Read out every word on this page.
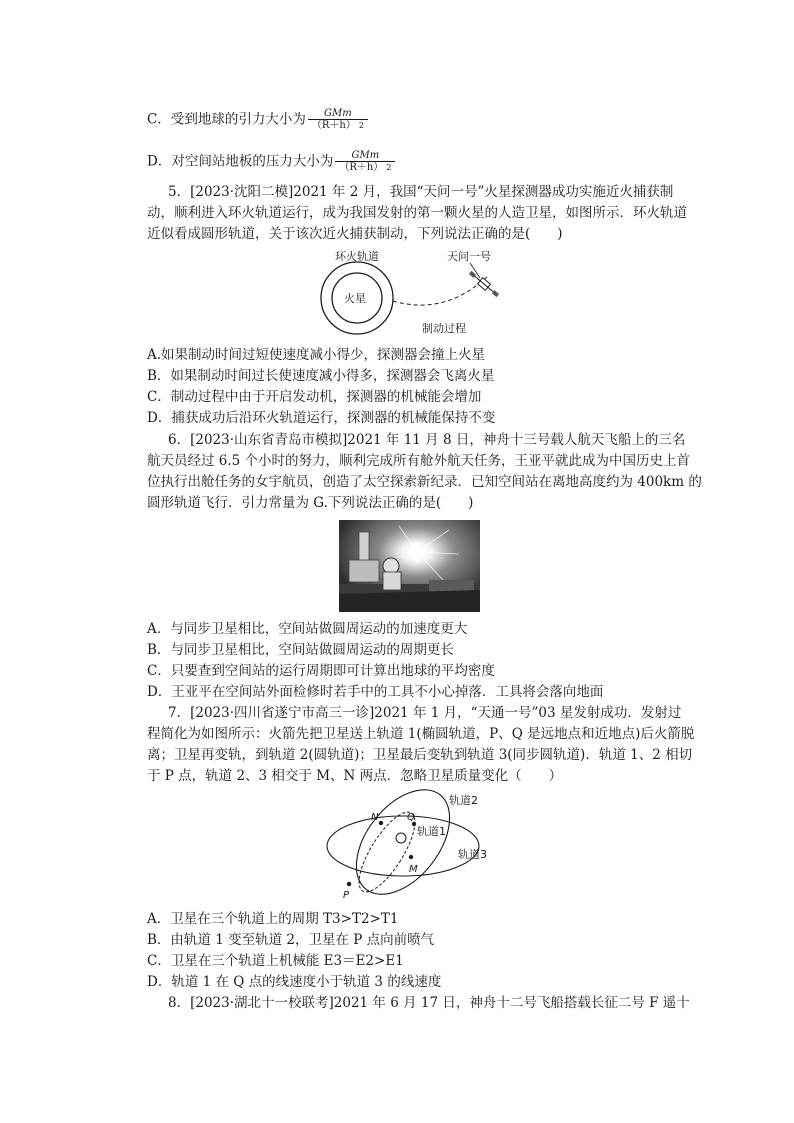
C．受到地球的引力大小为 $\frac{\text{GMm}}{(R+h) ^2}$
D．对空间站地板的压力大小为 $\frac{\text{GMm}}{(R+h) ^2}$
5．[2023·沈阳二模]2021 年 2 月，我国“天问一号”火星探测器成功实施近火捕获制
动，顺利进入环火轨道运行，成为我国发射的第一颗火星的人造卫星，如图所示．环火轨道
近似看成圆形轨道，关于该次近火捕获制动，下列说法正确的是(　　)
环火轨道
火星
天问一号
制动过程
A.如果制动时间过短使速度减小得少，探测器会撞上火星
B．如果制动时间过长使速度减小得多，探测器会飞离火星
C．制动过程中由于开启发动机，探测器的机械能会增加
D．捕获成功后沿环火轨道运行，探测器的机械能保持不变
6．[2023·山东省青岛市模拟]2021 年 11 月 8 日，神舟十三号载人航天飞船上的三名
航天员经过 6.5 个小时的努力，顺利完成所有舱外航天任务，王亚平就此成为中国历史上首
位执行出舱任务的女宇航员，创造了太空探索新纪录．已知空间站在离地高度约为 400km 的
圆形轨道飞行．引力常量为 G.下列说法正确的是(　　)
A．与同步卫星相比，空间站做圆周运动的加速度更大
B．与同步卫星相比，空间站做圆周运动的周期更长
C．只要查到空间站的运行周期即可计算出地球的平均密度
D．王亚平在空间站外面检修时若手中的工具不小心掉落．工具将会落向地面
7．[2023·四川省遂宁市高三一诊]2021 年 1 月，“天通一号”03 星发射成功．发射过
程简化为如图所示：火箭先把卫星送上轨道 1(椭圆轨道，P、Q 是远地点和近地点)后火箭脱
离；卫星再变轨，到轨道 2(圆轨道)；卫星最后变轨到轨道 3(同步圆轨道)．轨道 1、2 相切
于 P 点，轨道 2、3 相交于 M、N 两点．忽略卫星质量变化（　　）
N	Q
M
P
轨道2
轨道1
轨道3
A．卫星在三个轨道上的周期 T3>T2>T1
B．由轨道 1 变至轨道 2，卫星在 P 点向前喷气
C．卫星在三个轨道上机械能 E3＝E2>E1
D．轨道 1 在 Q 点的线速度小于轨道 3 的线速度
8．[2023·湖北十一校联考]2021 年 6 月 17 日，神舟十二号飞船搭载长征二号 F 遥十
